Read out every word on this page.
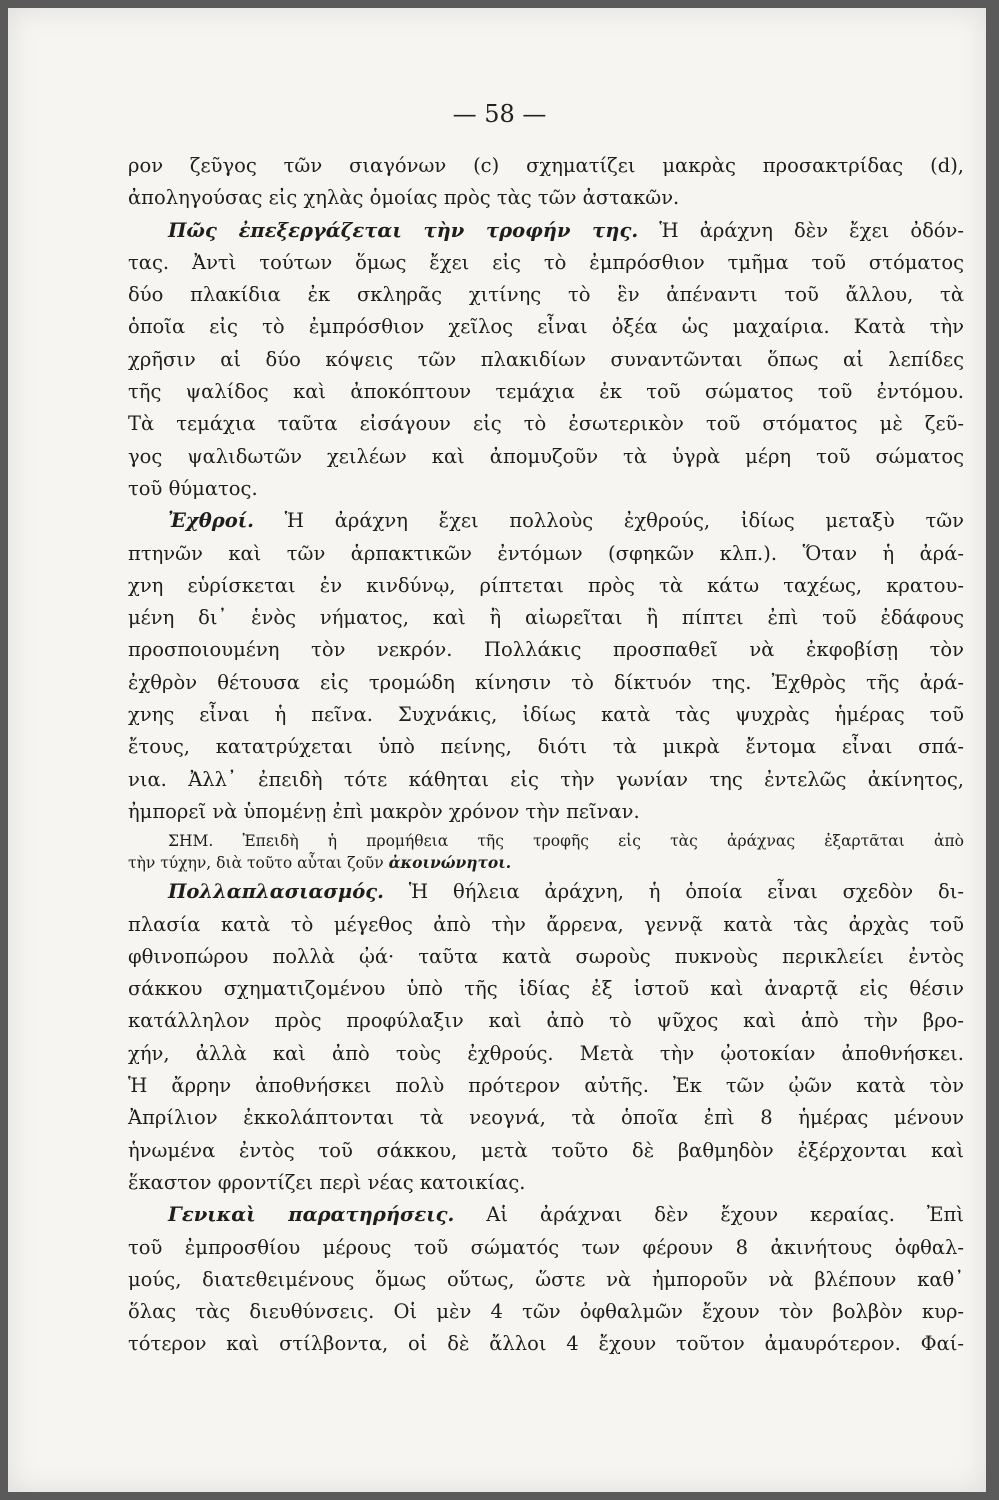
— 58 —
ρον ζεῦγος τῶν σιαγόνων (c) σχηματίζει μακρὰς προσακτρίδας (d),
ἀποληγούσας εἰς χηλὰς ὁμοίας πρὸς τὰς τῶν ἀστακῶν.
Πῶς ἐπεξεργάζεται τὴν τροφήν της. Ἡ ἀράχνη δὲν ἔχει ὀδόν-
τας. Ἀντὶ τούτων ὅμως ἔχει εἰς τὸ ἐμπρόσθιον τμῆμα τοῦ στόματος
δύο πλακίδια ἐκ σκληρᾶς χιτίνης τὸ ἓν ἀπέναντι τοῦ ἄλλου, τὰ
ὁποῖα εἰς τὸ ἐμπρόσθιον χεῖλος εἶναι ὀξέα ὡς μαχαίρια. Κατὰ τὴν
χρῆσιν αἱ δύο κόψεις τῶν πλακιδίων συναντῶνται ὅπως αἱ λεπίδες
τῆς ψαλίδος καὶ ἀποκόπτουν τεμάχια ἐκ τοῦ σώματος τοῦ ἐντόμου.
Τὰ τεμάχια ταῦτα εἰσάγουν εἰς τὸ ἐσωτερικὸν τοῦ στόματος μὲ ζεῦ-
γος ψαλιδωτῶν χειλέων καὶ ἀπομυζοῦν τὰ ὑγρὰ μέρη τοῦ σώματος
τοῦ θύματος.
Ἐχθροί. Ἡ ἀράχνη ἔχει πολλοὺς ἐχθρούς, ἰδίως μεταξὺ τῶν
πτηνῶν καὶ τῶν ἁρπακτικῶν ἐντόμων (σφηκῶν κλπ.). Ὅταν ἡ ἀρά-
χνη εὑρίσκεται ἐν κινδύνῳ, ρίπτεται πρὸς τὰ κάτω ταχέως, κρατου-
μένη δι᾽ ἑνὸς νήματος, καὶ ἢ αἰωρεῖται ἢ πίπτει ἐπὶ τοῦ ἐδάφους
προσποιουμένη τὸν νεκρόν. Πολλάκις προσπαθεῖ νὰ ἐκφοβίσῃ τὸν
ἐχθρὸν θέτουσα εἰς τρομώδη κίνησιν τὸ δίκτυόν της. Ἐχθρὸς τῆς ἀρά-
χνης εἶναι ἡ πεῖνα. Συχνάκις, ἰδίως κατὰ τὰς ψυχρὰς ἡμέρας τοῦ
ἔτους, κατατρύχεται ὑπὸ πείνης, διότι τὰ μικρὰ ἔντομα εἶναι σπά-
νια. Ἀλλ᾽ ἐπειδὴ τότε κάθηται εἰς τὴν γωνίαν της ἐντελῶς ἀκίνητος,
ἠμπορεῖ νὰ ὑπομένῃ ἐπὶ μακρὸν χρόνον τὴν πεῖναν.
ΣΗΜ. Ἐπειδὴ ἡ προμήθεια τῆς τροφῆς εἰς τὰς ἀράχνας ἐξαρτᾶται ἀπὸ
τὴν τύχην, διὰ τοῦτο αὗται ζοῦν ἀκοινώνητοι.
Πολλαπλασιασμός. Ἡ θήλεια ἀράχνη, ἡ ὁποία εἶναι σχεδὸν δι-
πλασία κατὰ τὸ μέγεθος ἀπὸ τὴν ἄρρενα, γεννᾷ κατὰ τὰς ἀρχὰς τοῦ
φθινοπώρου πολλὰ ᾠά· ταῦτα κατὰ σωροὺς πυκνοὺς περικλείει ἐντὸς
σάκκου σχηματιζομένου ὑπὸ τῆς ἰδίας ἐξ ἱστοῦ καὶ ἀναρτᾷ εἰς θέσιν
κατάλληλον πρὸς προφύλαξιν καὶ ἀπὸ τὸ ψῦχος καὶ ἀπὸ τὴν βρο-
χήν, ἀλλὰ καὶ ἀπὸ τοὺς ἐχθρούς. Μετὰ τὴν ᾠοτοκίαν ἀποθνήσκει.
Ἡ ἄρρην ἀποθνήσκει πολὺ πρότερον αὐτῆς. Ἐκ τῶν ᾠῶν κατὰ τὸν
Ἀπρίλιον ἐκκολάπτονται τὰ νεογνά, τὰ ὁποῖα ἐπὶ 8 ἡμέρας μένουν
ἡνωμένα ἐντὸς τοῦ σάκκου, μετὰ τοῦτο δὲ βαθμηδὸν ἐξέρχονται καὶ
ἕκαστον φροντίζει περὶ νέας κατοικίας.
Γενικαὶ παρατηρήσεις. Αἱ ἀράχναι δὲν ἔχουν κεραίας. Ἐπὶ
τοῦ ἐμπροσθίου μέρους τοῦ σώματός των φέρουν 8 ἀκινήτους ὀφθαλ-
μούς, διατεθειμένους ὅμως οὕτως, ὥστε νὰ ἠμποροῦν νὰ βλέπουν καθ᾽
ὅλας τὰς διευθύνσεις. Οἱ μὲν 4 τῶν ὀφθαλμῶν ἔχουν τὸν βολβὸν κυρ-
τότερον καὶ στίλβοντα, οἱ δὲ ἄλλοι 4 ἔχουν τοῦτον ἀμαυρότερον. Φαί-
